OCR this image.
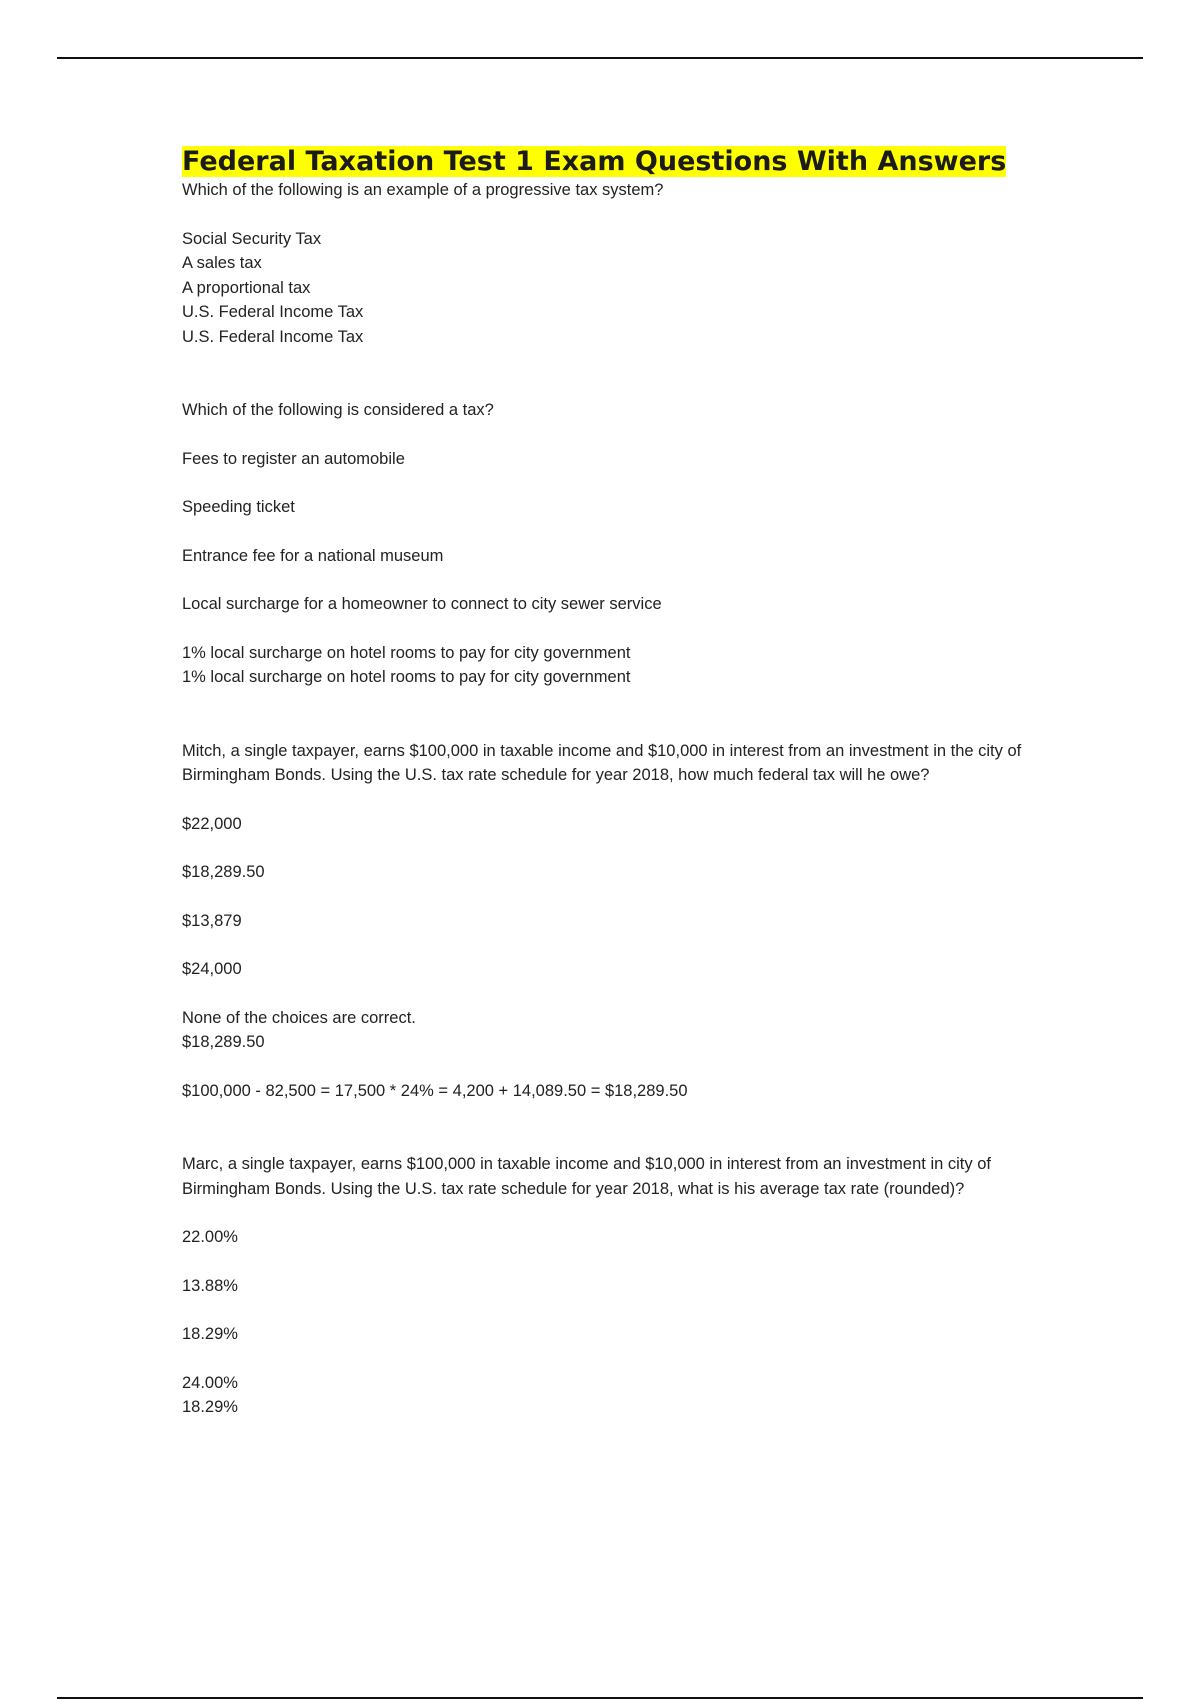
Federal Taxation Test 1 Exam Questions With Answers

Which of the following is an example of a progressive tax system?

Social Security Tax

A sales tax

A proportional tax

U.S. Federal Income Tax

U.S. Federal Income Tax

Which of the following is considered a tax?

Fees to register an automobile

Speeding ticket

Entrance fee for a national museum

Local surcharge for a homeowner to connect to city sewer service

1% local surcharge on hotel rooms to pay for city government

1% local surcharge on hotel rooms to pay for city government

Mitch, a single taxpayer, earns $100,000 in taxable income and $10,000 in interest from an investment in the city of Birmingham Bonds. Using the U.S. tax rate schedule for year 2018, how much federal tax will he owe?

$22,000

$18,289.50

$13,879

$24,000

None of the choices are correct.

$18,289.50

$100,000 - 82,500 = 17,500 * 24% = 4,200 + 14,089.50 = $18,289.50

Marc, a single taxpayer, earns $100,000 in taxable income and $10,000 in interest from an investment in city of Birmingham Bonds. Using the U.S. tax rate schedule for year 2018, what is his average tax rate (rounded)?

22.00%

13.88%

18.29%

24.00%

18.29%
